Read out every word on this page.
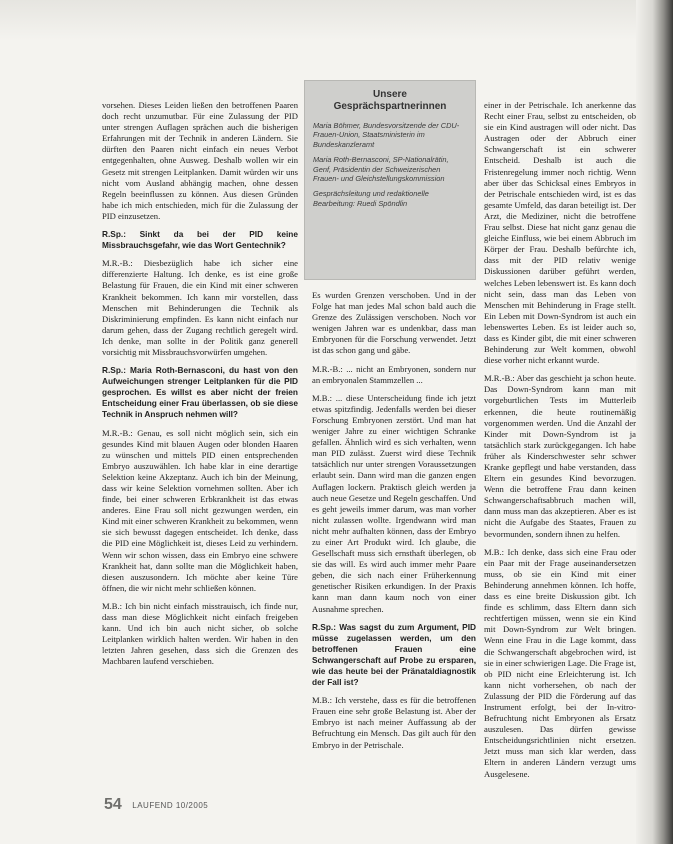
vorsehen. Dieses Leiden ließen den betroffenen Paaren doch recht unzumutbar. Für eine Zulassung der PID unter strengen Auflagen sprächen auch die bisherigen Erfahrungen mit der Technik in anderen Ländern. Sie dürften den Paaren nicht einfach ein neues Verbot entgegenhalten, ohne Ausweg. Deshalb wollen wir ein Gesetz mit strengen Leitplanken. Damit würden wir uns nicht vom Ausland abhängig machen, ohne dessen Regeln beeinflussen zu können. Aus diesen Gründen habe ich mich entschieden, mich für die Zulassung der PID einzusetzen.

R.Sp.: Sinkt da bei der PID keine Missbrauchsgefahr, wie das Wort Gentechnik?

M.R.-B.: Diesbezüglich habe ich sicher eine differenzierte Haltung. Ich denke, es ist eine große Belastung für Frauen, die ein Kind mit einer schweren Krankheit bekommen. Ich kann mir vorstellen, dass Menschen mit Behinderungen die Technik als Diskriminierung empfinden. Es kann nicht einfach nur darum gehen, dass der Zugang rechtlich geregelt wird. Ich denke, man sollte in der Politik ganz generell vorsichtig mit Missbrauchsvorwürfen umgehen.

R.Sp.: Maria Roth-Bernasconi, du hast von den Aufweichungen strenger Leitplanken für die PID gesprochen. Es willst es aber nicht der freien Entscheidung einer Frau überlassen, ob sie diese Technik in Anspruch nehmen will?

M.R.-B.: Genau, es soll nicht möglich sein, sich ein gesundes Kind mit blauen Augen oder blonden Haaren zu wünschen und mittels PID einen entsprechenden Embryo auszuwählen. Ich habe klar in eine derartige Selektion keine Akzeptanz. Auch ich bin der Meinung, dass wir keine Selektion vornehmen sollten. Aber ich finde, bei einer schweren Erbkrankheit ist das etwas anderes. Eine Frau soll nicht gezwungen werden, ein Kind mit einer schweren Krankheit zu bekommen, wenn sie sich bewusst dagegen entscheidet. Ich denke, dass die PID eine Möglichkeit ist, dieses Leid zu verhindern. Wenn wir schon wissen, dass ein Embryo eine schwere Krankheit hat, dann sollte man die Möglichkeit haben, diesen auszusondern. Ich möchte aber keine Türe öffnen, die wir nicht mehr schließen können.

M.B.: Ich bin nicht einfach misstrauisch, ich finde nur, dass man diese Möglichkeit nicht einfach freigeben kann. Und ich bin auch nicht sicher, ob solche Leitplanken wirklich halten werden. Wir haben in den letzten Jahren gesehen, dass sich die Grenzen des Machbaren laufend verschieben.

Unsere
Gesprächspartnerinnen
Maria Böhmer, Bundesvorsitzende der CDU-Frauen-Union, Staatsministerin im Bundeskanzleramt
Maria Roth-Bernasconi, SP-Nationalrätin, Genf, Präsidentin der Schweizerischen Frauen- und Gleichstellungskommission
Gesprächsleitung und redaktionelle Bearbeitung: Ruedi Spöndlin

Es wurden Grenzen verschoben. Und in der Folge hat man jedes Mal schon bald auch die Grenze des Zulässigen verschoben. Noch vor wenigen Jahren war es undenkbar, dass man Embryonen für die Forschung verwendet. Jetzt ist das schon gang und gäbe.

M.R.-B.: ... nicht an Embryonen, sondern nur an embryonalen Stammzellen ...

M.B.: ... diese Unterscheidung finde ich jetzt etwas spitzfindig. Jedenfalls werden bei dieser Forschung Embryonen zerstört. Und man hat weniger Jahre zu einer wichtigen Schranke gefallen. Ähnlich wird es sich verhalten, wenn man PID zulässt. Zuerst wird diese Technik tatsächlich nur unter strengen Voraussetzungen erlaubt sein. Dann wird man die ganzen engen Auflagen lockern. Praktisch gleich werden ja auch neue Gesetze und Regeln geschaffen. Und es geht jeweils immer darum, was man vorher nicht zulassen wollte. Irgendwann wird man nicht mehr aufhalten können, dass der Embryo zu einer Art Produkt wird. Ich glaube, die Gesellschaft muss sich ernsthaft überlegen, ob sie das will. Es wird auch immer mehr Paare geben, die sich nach einer Früherkennung genetischer Risiken erkundigen. In der Praxis kann man dann kaum noch von einer Ausnahme sprechen.

R.Sp.: Was sagst du zum Argument, PID müsse zugelassen werden, um den betroffenen Frauen eine Schwangerschaft auf Probe zu ersparen, wie das heute bei der Pränataldiagnostik der Fall ist?

M.B.: Ich verstehe, dass es für die betroffenen Frauen eine sehr große Belastung ist. Aber der Embryo ist nach meiner Auffassung ab der Befruchtung ein Mensch. Das gilt auch für den Embryo in der Petrischale.

einer in der Petrischale. Ich anerkenne das Recht einer Frau, selbst zu entscheiden, ob sie ein Kind austragen will oder nicht. Das Austragen oder der Abbruch einer Schwangerschaft ist ein schwerer Entscheid. Deshalb ist auch die Fristenregelung immer noch richtig. Wenn aber über das Schicksal eines Embryos in der Petrischale entschieden wird, ist es das gesamte Umfeld, das daran beteiligt ist. Der Arzt, die Mediziner, nicht die betroffene Frau selbst. Diese hat nicht ganz genau die gleiche Einfluss, wie bei einem Abbruch im Körper der Frau. Deshalb befürchte ich, dass mit der PID relativ wenige Diskussionen darüber geführt werden, welches Leben lebenswert ist. Es kann doch nicht sein, dass man das Leben von Menschen mit Behinderung in Frage stellt. Ein Leben mit Down-Syndrom ist auch ein lebenswertes Leben. Es ist leider auch so, dass es Kinder gibt, die mit einer schweren Behinderung zur Welt kommen, obwohl diese vorher nicht erkannt wurde.

M.R.-B.: Aber das geschieht ja schon heute. Das Down-Syndrom kann man mit vorgeburtlichen Tests im Mutterleib erkennen, die heute routinemäßig vorgenommen werden. Und die Anzahl der Kinder mit Down-Syndrom ist ja tatsächlich stark zurückgegangen. Ich habe früher als Kinderschwester sehr schwer Kranke gepflegt und habe verstanden, dass Eltern ein gesundes Kind bevorzugen. Wenn die betroffene Frau dann keinen Schwangerschaftsabbruch machen will, dann muss man das akzeptieren. Aber es ist nicht die Aufgabe des Staates, Frauen zu bevormunden, sondern ihnen zu helfen.

M.B.: Ich denke, dass sich eine Frau oder ein Paar mit der Frage auseinandersetzen muss, ob sie ein Kind mit einer Behinderung annehmen können. Ich hoffe, dass es eine breite Diskussion gibt. Ich finde es schlimm, dass Eltern dann sich rechtfertigen müssen, wenn sie ein Kind mit Down-Syndrom zur Welt bringen. Wenn eine Frau in die Lage kommt, dass die Schwangerschaft abgebrochen wird, ist sie in einer schwierigen Lage. Die Frage ist, ob PID nicht eine Erleichterung ist. Ich kann nicht vorhersehen, ob nach der Zulassung der PID die Förderung auf das Instrument erfolgt, bei der In-vitro-Befruchtung nicht Embryonen als Ersatz auszulesen. Das dürfen gewisse Entscheidungsrichtlinien nicht ersetzen. Jetzt muss man sich klar werden, dass Eltern in anderen Ländern verzugt ums Ausgelesene.

54 LAUFEND 10/2005
